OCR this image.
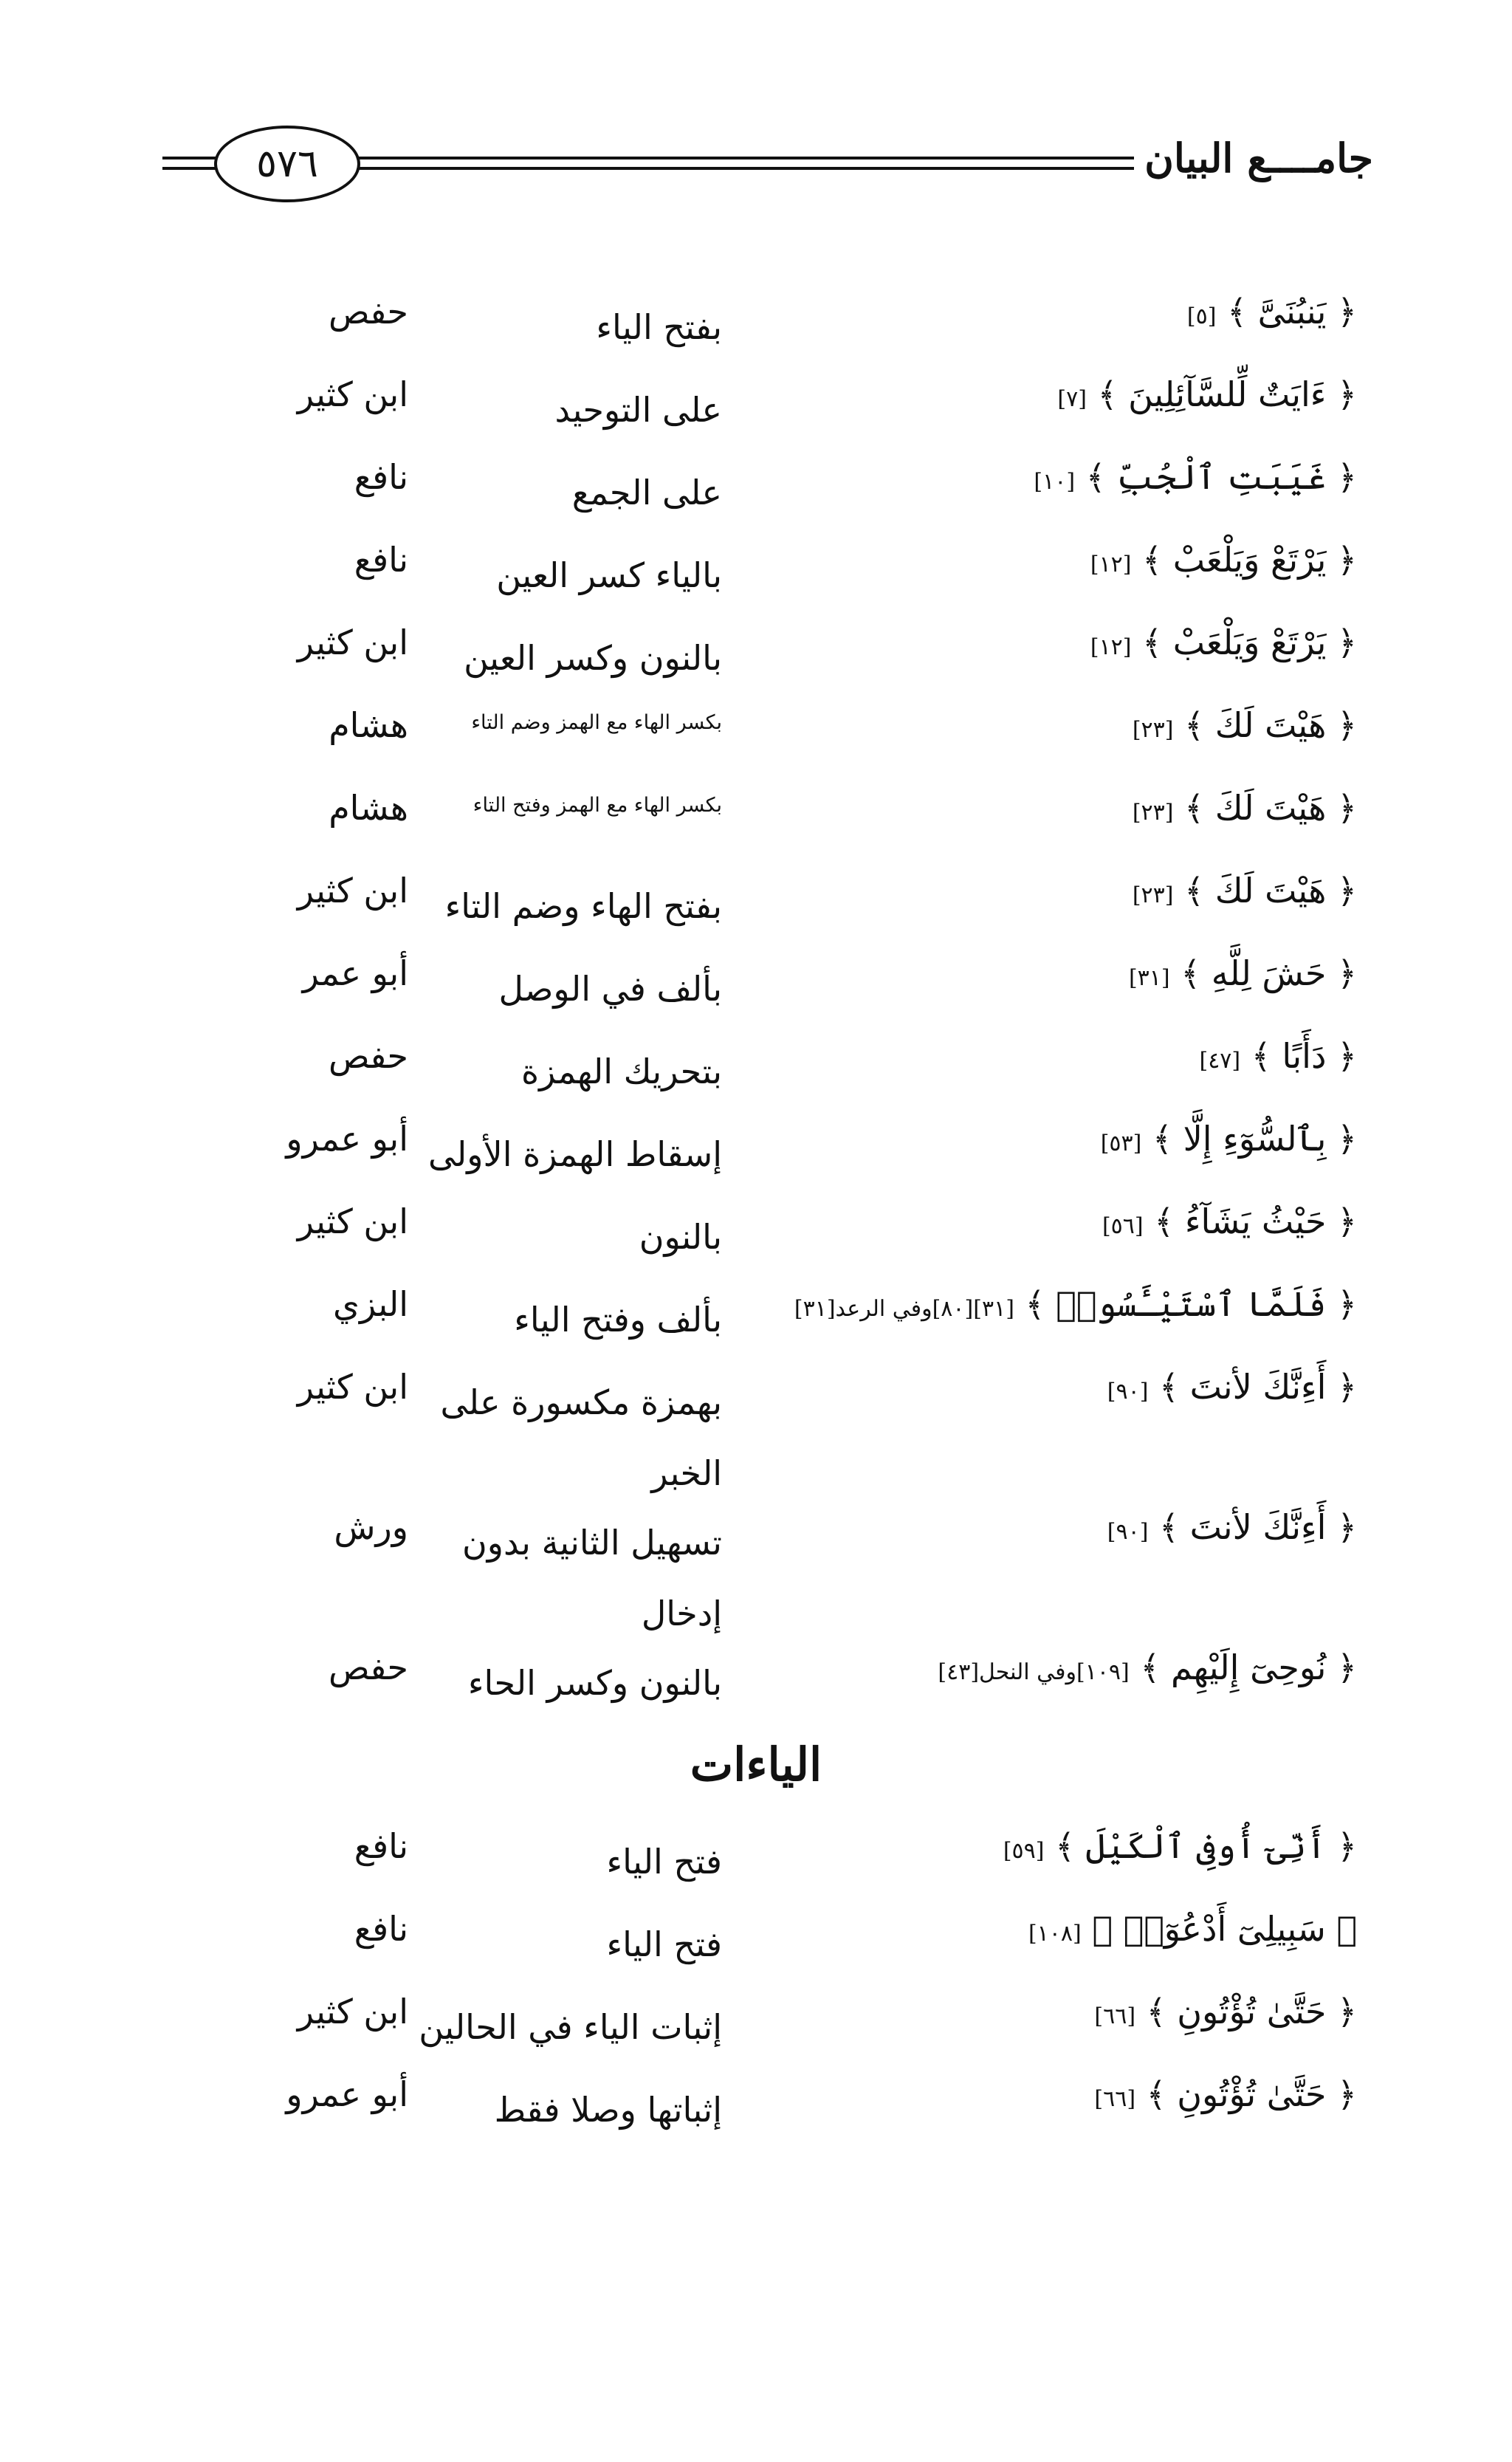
٥٧٦	جامــــع البيان
﴿ يَنبُنَىَّ ﴾ [٥]
بفتح الياء
حفص
﴿ ءَايَتٌ لِّلسَّآئِلِينَ ﴾ [٧]
على التوحيد
ابن كثير
﴿ غَيَبَتِ ٱلْجُبِّ ﴾ [١٠]
على الجمع
نافع
﴿ يَرْتَعْ وَيَلْعَبْ ﴾ [١٢]
بالياء كسر العين
نافع
﴿ يَرْتَعْ وَيَلْعَبْ ﴾ [١٢]
بالنون وكسر العين
ابن كثير
﴿ هَيْتَ لَكَ ﴾ [٢٣]
بكسر الهاء مع الهمز وضم التاء
هشام
﴿ هَيْتَ لَكَ ﴾ [٢٣]
بكسر الهاء مع الهمز وفتح التاء
هشام
﴿ هَيْتَ لَكَ ﴾ [٢٣]
بفتح الهاء وضم التاء
ابن كثير
﴿ حَشَ لِلَّهِ ﴾ [٣١]
بألف في الوصل
أبو عمر
﴿ دَأَبًا ﴾ [٤٧]
بتحريك الهمزة
حفص
﴿ بِٱلسُّوٓءِ إِلَّا ﴾ [٥٣]
إسقاط الهمزة الأولى
أبو عمرو
﴿ حَيْثُ يَشَآءُ ﴾ [٥٦]
بالنون
ابن كثير
﴿ فَلَمَّا ٱسْتَيْـَٔسُوا۟ ﴾ [٣١][٨٠]وفي الرعد[٣١]
بألف وفتح الياء
البزي
﴿ أَءِنَّكَ لأنتَ ﴾ [٩٠]
بهمزة مكسورة على الخبر
ابن كثير
﴿ أَءِنَّكَ لأنتَ ﴾ [٩٠]
تسهيل الثانية بدون إدخال
ورش
﴿ نُوحِىٓ إِلَيْهِم ﴾ [١٠٩]وفي النحل[٤٣]
بالنون وكسر الحاء
حفص
الياءات
﴿ أَنِّىٓ أُوفِى ٱلْكَيْلَ ﴾ [٥٩]
فتح الياء
نافع
﴿ سَبِيلِىٓ أَدْعُوٓا۟ ﴾ [١٠٨]
فتح الياء
نافع
﴿ حَتَّىٰ تُؤْتُونِ ﴾ [٦٦]
إثبات الياء في الحالين
ابن كثير
﴿ حَتَّىٰ تُؤْتُونِ ﴾ [٦٦]
إثباتها وصلا فقط
أبو عمرو
